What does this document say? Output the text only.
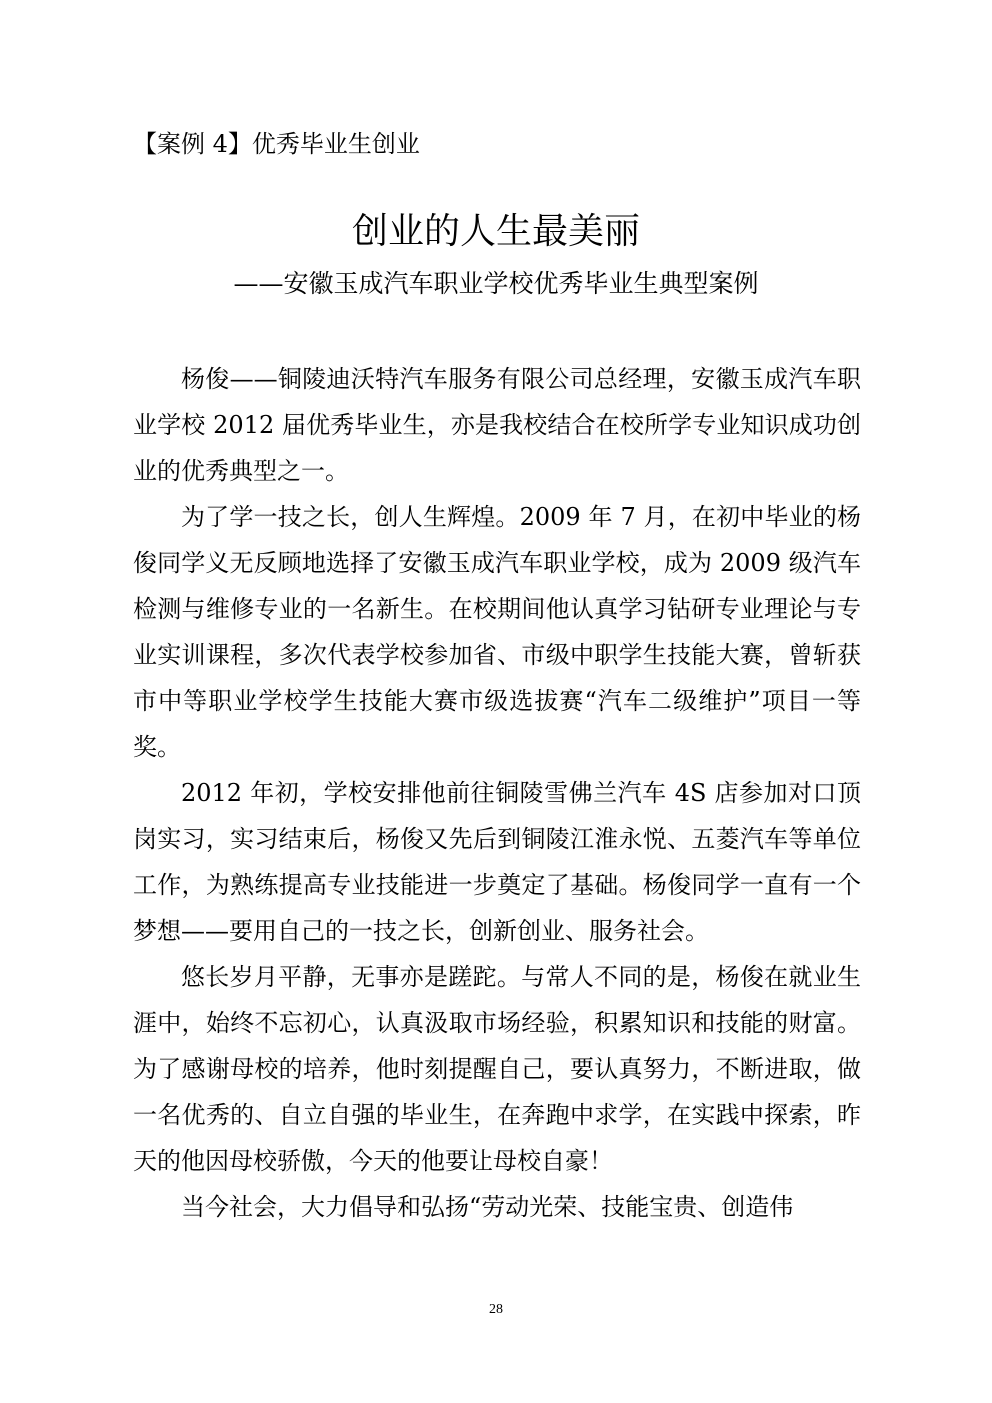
【案例 4】优秀毕业生创业
创业的人生最美丽
——安徽玉成汽车职业学校优秀毕业生典型案例

杨俊——铜陵迪沃特汽车服务有限公司总经理，安徽玉成汽车职业学校 2012 届优秀毕业生，亦是我校结合在校所学专业知识成功创业的优秀典型之一。

为了学一技之长，创人生辉煌。2009 年 7 月，在初中毕业的杨俊同学义无反顾地选择了安徽玉成汽车职业学校，成为 2009 级汽车检测与维修专业的一名新生。在校期间他认真学习钻研专业理论与专业实训课程，多次代表学校参加省、市级中职学生技能大赛，曾斩获市中等职业学校学生技能大赛市级选拔赛“汽车二级维护”项目一等奖。

2012 年初，学校安排他前往铜陵雪佛兰汽车 4S 店参加对口顶岗实习，实习结束后，杨俊又先后到铜陵江淮永悦、五菱汽车等单位工作，为熟练提高专业技能进一步奠定了基础。杨俊同学一直有一个梦想——要用自己的一技之长，创新创业、服务社会。

悠长岁月平静，无事亦是蹉跎。与常人不同的是，杨俊在就业生涯中，始终不忘初心，认真汲取市场经验，积累知识和技能的财富。为了感谢母校的培养，他时刻提醒自己，要认真努力，不断进取，做一名优秀的、自立自强的毕业生，在奔跑中求学，在实践中探索，昨天的他因母校骄傲，今天的他要让母校自豪！

当今社会，大力倡导和弘扬“劳动光荣、技能宝贵、创造伟

28
